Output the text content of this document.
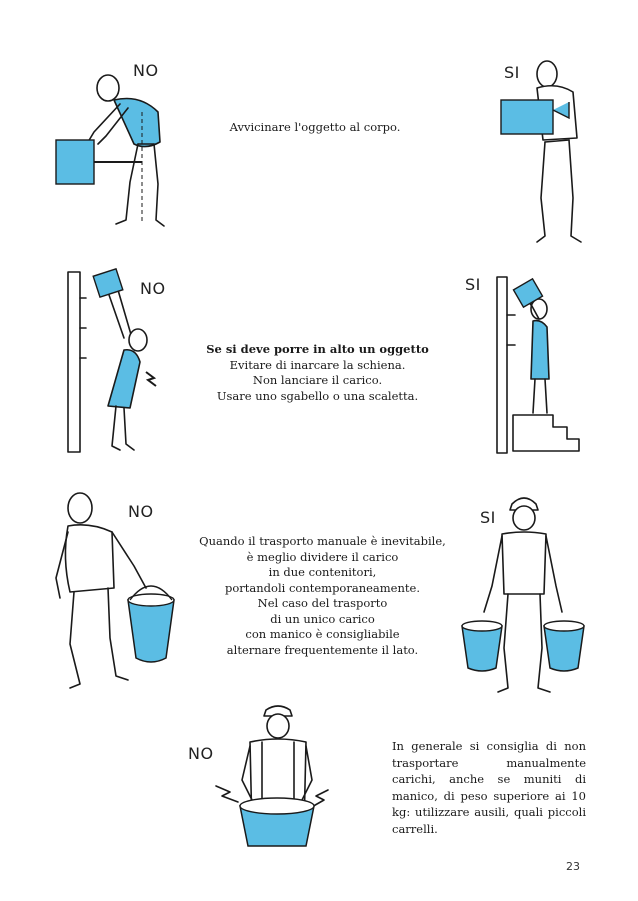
NO	SI
Avvicinare l'oggetto al corpo.
NO	SI
Se si deve porre in alto un oggetto
Evitare di inarcare la schiena.
Non lanciare il carico.
Usare uno sgabello o una scaletta.
NO	SI
Quando il trasporto manuale è inevitabile,
è meglio dividere il carico
in due contenitori,
portandoli contemporaneamente.
Nel caso del trasporto
di un unico carico
con manico è consigliabile
alternare frequentemente il lato.
NO	In generale si consiglia di non trasportare manualmente carichi, anche se muniti di manico, di peso superiore ai 10 kg: utilizzare ausili, quali piccoli carrelli.
23
